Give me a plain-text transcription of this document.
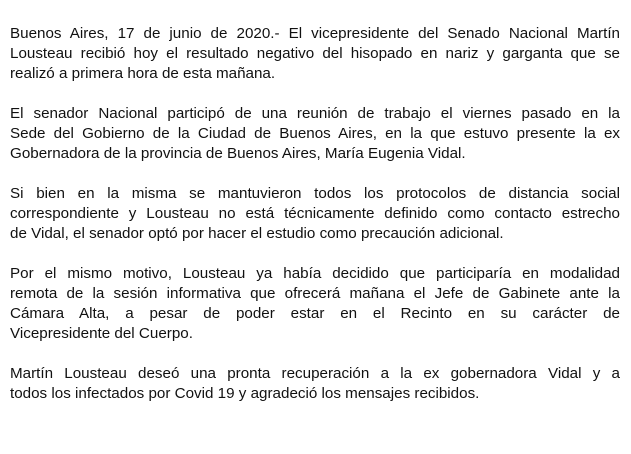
Buenos Aires, 17 de junio de 2020.- El vicepresidente del Senado Nacional Martín
Lousteau recibió hoy el resultado negativo del hisopado en nariz y garganta que se
realizó a primera hora de esta mañana.

El senador Nacional participó de una reunión de trabajo el viernes pasado en la
Sede del Gobierno de la Ciudad de Buenos Aires, en la que estuvo presente la ex
Gobernadora de la provincia de Buenos Aires, María Eugenia Vidal.

Si bien en la misma se mantuvieron todos los protocolos de distancia social
correspondiente y Lousteau no está técnicamente definido como contacto estrecho
de Vidal, el senador optó por hacer el estudio como precaución adicional.

Por el mismo motivo, Lousteau ya había decidido que participaría en modalidad
remota de la sesión informativa que ofrecerá mañana el Jefe de Gabinete ante la
Cámara Alta, a pesar de poder estar en el Recinto en su carácter de
Vicepresidente del Cuerpo.

Martín Lousteau deseó una pronta recuperación a la ex gobernadora Vidal y a
todos los infectados por Covid 19 y agradeció los mensajes recibidos.
